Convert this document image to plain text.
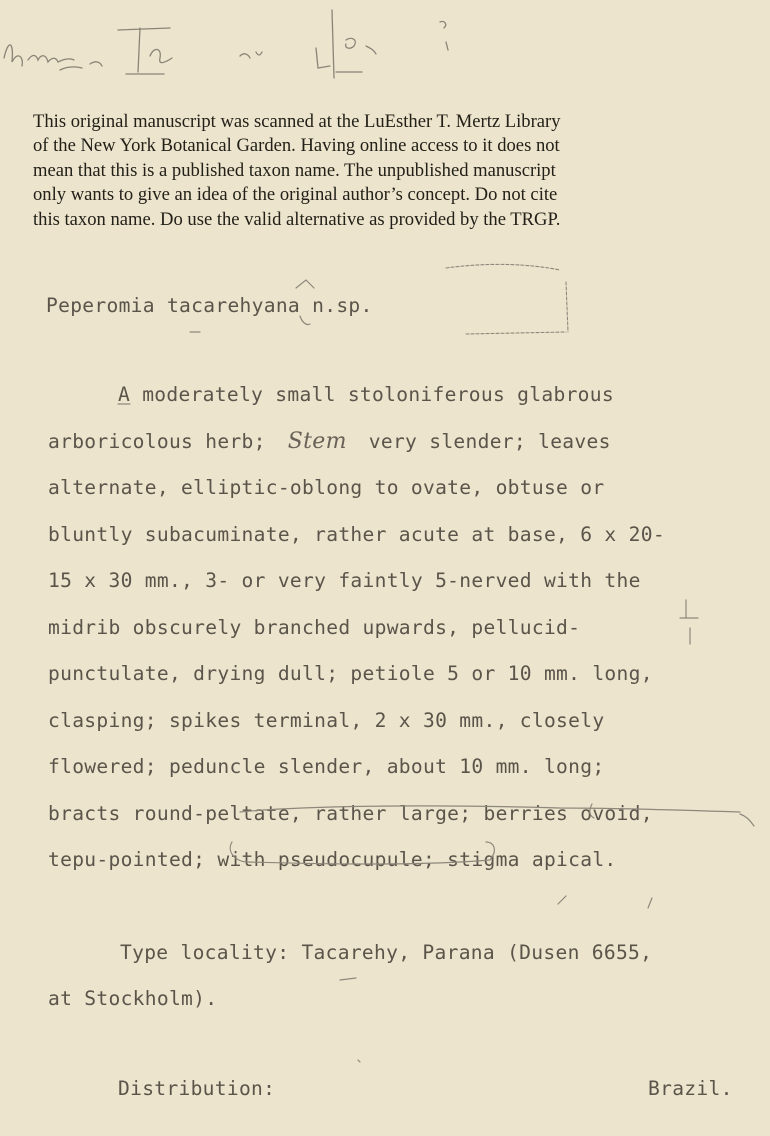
This original manuscript was scanned at the LuEsther T. Mertz Library
of the New York Botanical Garden. Having online access to it does not
mean that this is a published taxon name. The unpublished manuscript
only wants to give an idea of the original author’s concept. Do not cite
this taxon name. Do use the valid alternative as provided by the TRGP.
Peperomia tacarehyana n.sp.
A moderately small stoloniferous glabrous
arboricolous herb; Stem very slender; leaves
alternate, elliptic-oblong to ovate, obtuse or
bluntly subacuminate, rather acute at base, 6 x 20-
15 x 30 mm., 3- or very faintly 5-nerved with the
midrib obscurely branched upwards, pellucid-
punctulate, drying dull; petiole 5 or 10 mm. long,
clasping; spikes terminal, 2 x 30 mm., closely
flowered; peduncle slender, about 10 mm. long;
bracts round-peltate, rather large; berries ovoid,
tepu-pointed; with pseudocupule; stigma apical.
Type locality: Tacarehy, Parana (Dusen 6655,
at Stockholm).
Distribution:	Brazil.
